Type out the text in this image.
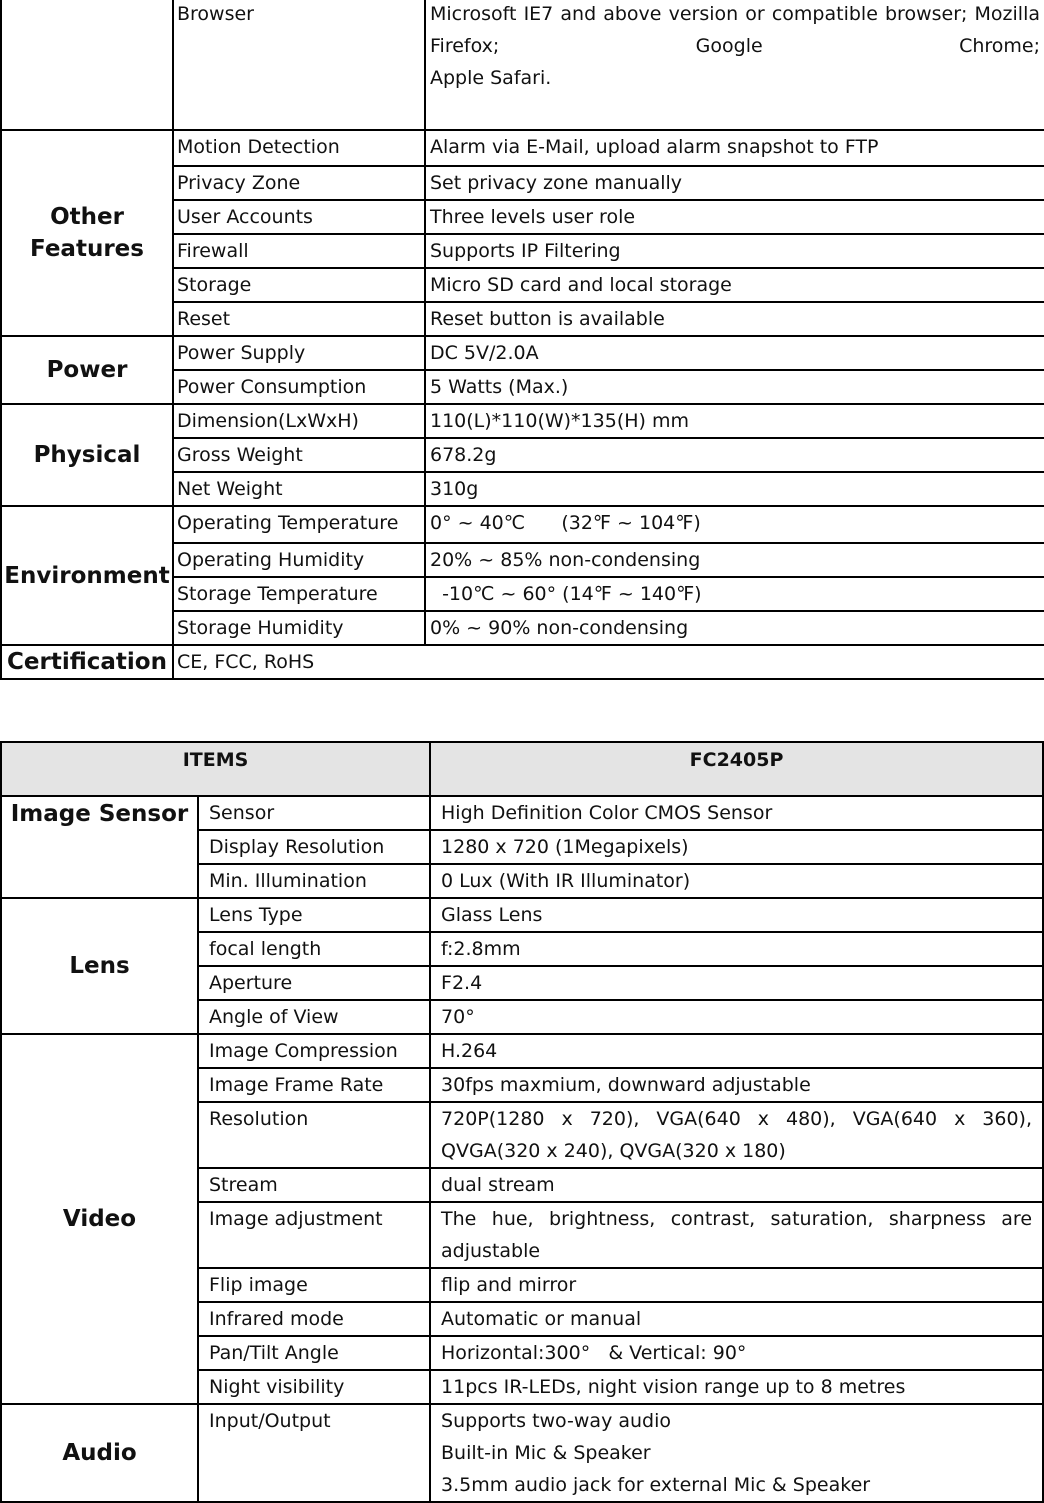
	Browser	Microsoft IE7 and above version or compatible browser; Mozilla Firefox; Google Chrome;

Apple Safari.

Other Features	Motion Detection	Alarm via E-Mail, upload alarm snapshot to FTP
	Privacy Zone	Set privacy zone manually
	User Accounts	Three levels user role
	Firewall	Supports IP Filtering
	Storage	Micro SD card and local storage
	Reset	Reset button is available
Power	Power Supply	DC 5V/2.0A
	Power Consumption	5 Watts (Max.)
Physical	Dimension(LxWxH)	110(L)*110(W)*135(H) mm
	Gross Weight	678.2g
	Net Weight	310g
Environment	Operating Temperature	0° ~ 40℃      (32℉ ~ 104℉)
	Operating Humidity	20% ~ 85% non-condensing
	Storage Temperature	-10℃ ~ 60° (14℉ ~ 140℉)
	Storage Humidity	0% ~ 90% non-condensing
Certification	CE, FCC, RoHS	
ITEMS		FC2405P
Image Sensor	Sensor	High Definition Color CMOS Sensor
	Display Resolution	1280 x 720 (1Megapixels)
	Min. Illumination	0 Lux (With IR Illuminator)
Lens	Lens Type	Glass Lens
	focal length	f:2.8mm
	Aperture	F2.4
	Angle of View	70°
Video	Image Compression	H.264
	Image Frame Rate	30fps maxmium, downward adjustable
	Resolution	720P(1280 x 720), VGA(640 x 480), VGA(640 x 360), QVGA(320 x 240), QVGA(320 x 180)
	Stream	dual stream
	Image adjustment	The hue, brightness, contrast, saturation, sharpness are adjustable
	Flip image	flip and mirror
	Infrared mode	Automatic or manual
	Pan/Tilt Angle	Horizontal:300°   & Vertical: 90°
	Night visibility	11pcs IR-LEDs, night vision range up to 8 metres
Audio	Input/Output	Supports two-way audio
Built-in Mic & Speaker
3.5mm audio jack for external Mic & Speaker
